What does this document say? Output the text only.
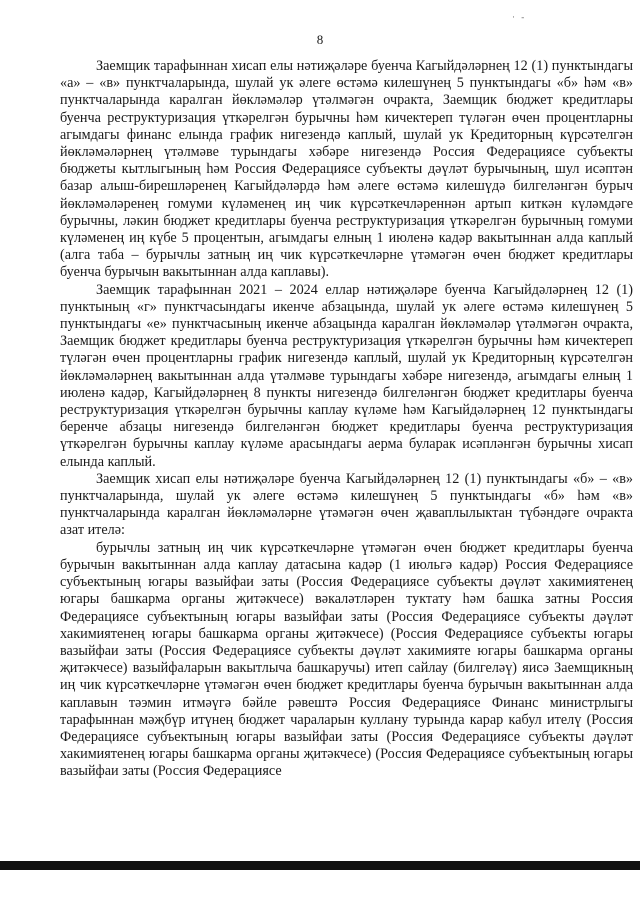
· -
8

Заемщик тарафыннан хисап елы нәтиҗәләре буенча Кагыйдәләрнең 12 (1) пунктындагы «а» – «в» пунктчаларында, шулай ук әлеге өстәмә килешүнең 5 пунктындагы «б» һәм «в» пунктчаларында каралган йөкләмәләр үтәлмәгән очракта, Заемщик бюджет кредитлары буенча реструктуризация үткәрелгән бурычны һәм кичектереп түләгән өчен процентларны агымдагы финанс елында график нигезендә каплый, шулай ук Кредиторның күрсәтелгән йөкләмәләрнең үтәлмәве турындагы хәбәре нигезендә Россия Федерациясе субъекты бюджеты кытлыгының һәм Россия Федерациясе субъекты дәүләт бурычының, шул исәптән базар алыш-бирешләренең Кагыйдәләрдә һәм әлеге өстәмә килешүдә билгеләнгән бурыч йөкләмәләренең гомуми күләменең иң чик күрсәткечләреннән артып киткән күләмдәге бурычны, ләкин бюджет кредитлары буенча реструктуризация үткәрелгән бурычның гомуми күләменең иң күбе 5 процентын, агымдагы елның 1 июленә кадәр вакытыннан алда каплый (алга таба – бурычлы затның иң чик күрсәткечләрне үтәмәгән өчен бюджет кредитлары буенча бурычын вакытыннан алда каплавы).

Заемщик тарафыннан 2021 – 2024 еллар нәтиҗәләре буенча Кагыйдәләрнең 12 (1) пунктының «г» пунктчасындагы икенче абзацында, шулай ук әлеге өстәмә килешүнең 5 пунктындагы «е» пунктчасының икенче абзацында каралган йөкләмәләр үтәлмәгән очракта, Заемщик бюджет кредитлары буенча реструктуризация үткәрелгән бурычны һәм кичектереп түләгән өчен процентларны график нигезендә каплый, шулай ук Кредиторның күрсәтелгән йөкләмәләрнең вакытыннан алда үтәлмәве турындагы хәбәре нигезендә, агымдагы елның 1 июленә кадәр, Кагыйдәләрнең 8 пункты нигезендә билгеләнгән бюджет кредитлары буенча реструктуризация үткәрелгән бурычны каплау күләме һәм Кагыйдәләрнең 12 пунктындагы беренче абзацы нигезендә билгеләнгән бюджет кредитлары буенча реструктуризация үткәрелгән бурычны каплау күләме арасындагы аерма буларак исәпләнгән бурычны хисап елында каплый.

Заемщик хисап елы нәтиҗәләре буенча Кагыйдәләрнең 12 (1) пунктындагы «б» – «в» пунктчаларында, шулай ук әлеге өстәмә килешүнең 5 пунктындагы «б» һәм «в» пунктчаларында каралган йөкләмәләрне үтәмәгән өчен җаваплылыктан түбәндәге очракта азат ителә:

бурычлы затның иң чик күрсәткечләрне үтәмәгән өчен бюджет кредитлары буенча бурычын вакытыннан алда каплау датасына кадәр (1 июльгә кадәр) Россия Федерациясе субъектының югары вазыйфаи заты (Россия Федерациясе субъекты дәүләт хакимиятенең югары башкарма органы җитәкчесе) вәкаләтләрен туктату һәм башка затны Россия Федерациясе субъектының югары вазыйфаи заты (Россия Федерациясе субъекты дәүләт хакимиятенең югары башкарма органы җитәкчесе) (Россия Федерациясе субъекты югары вазыйфаи заты (Россия Федерациясе субъекты дәүләт хакимияте югары башкарма органы җитәкчесе) вазыйфаларын вакытлыча башкаручы) итеп сайлау (билгеләү) яисә Заемщикның иң чик күрсәткечләрне үтәмәгән өчен бюджет кредитлары буенча бурычын вакытыннан алда каплавын тәэмин итмәүгә бәйле рәвештә Россия Федерациясе Финанс министрлыгы тарафыннан мәҗбүр итүнең бюджет чараларын куллану турында карар кабул ителү (Россия Федерациясе субъектының югары вазыйфаи заты (Россия Федерациясе субъекты дәүләт хакимиятенең югары башкарма органы җитәкчесе) (Россия Федерациясе субъектының югары вазыйфаи заты (Россия Федерациясе
